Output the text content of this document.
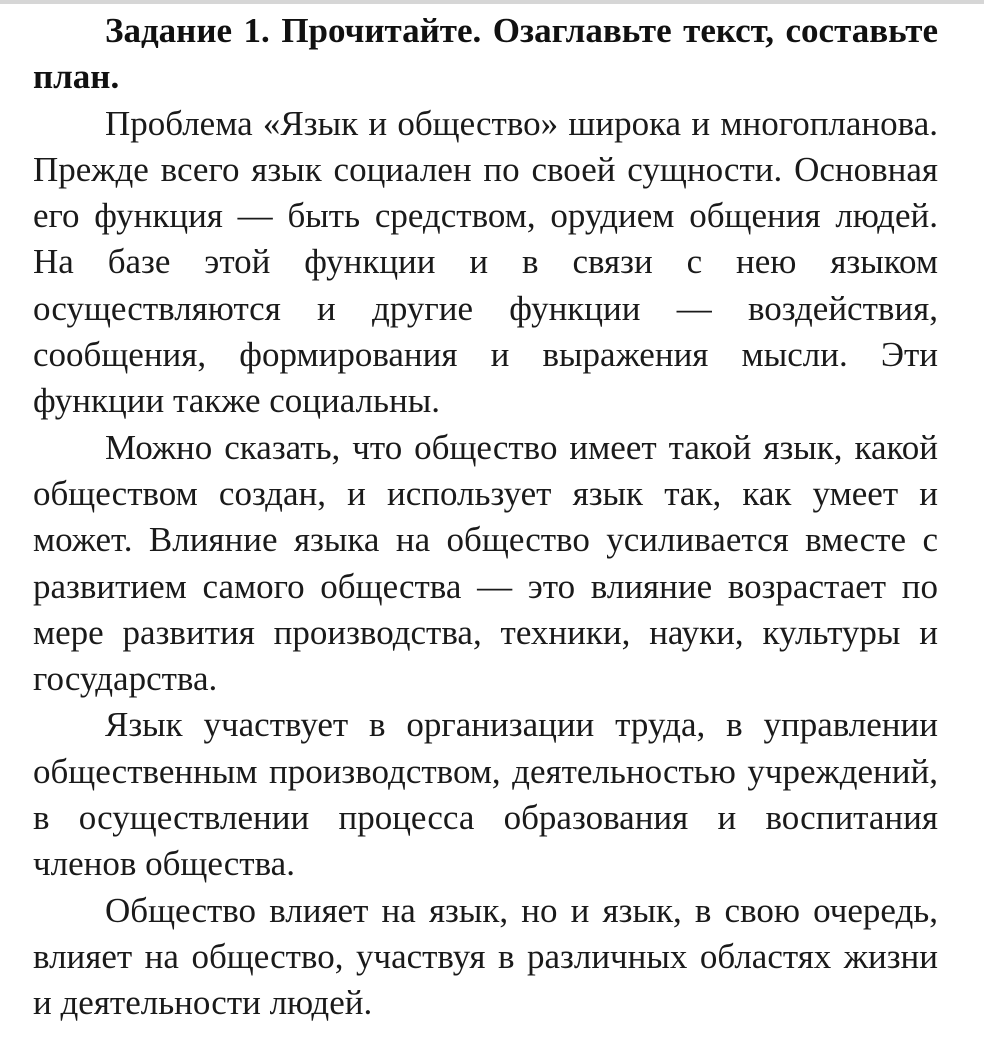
Задание 1. Прочитайте. Озаглавьте текст, составьте план.

Проблема «Язык и общество» широка и многопланова. Прежде всего язык социален по своей сущности. Основная его функция — быть средством, орудием общения людей. На базе этой функции и в связи с нею языком осуществляются и другие функции — воздействия, сообщения, формирования и выражения мысли. Эти функции также социальны.

Можно сказать, что общество имеет такой язык, какой обществом создан, и использует язык так, как умеет и может. Влияние языка на общество усиливается вместе с развитием самого общества — это влияние возрастает по мере развития производства, техники, науки, культуры и государства.

Язык участвует в организации труда, в управлении общественным производством, деятельностью учреждений, в осуществлении процесса образования и воспитания членов общества.

Общество влияет на язык, но и язык, в свою очередь, влияет на общество, участвуя в различных областях жизни и деятельности людей.
